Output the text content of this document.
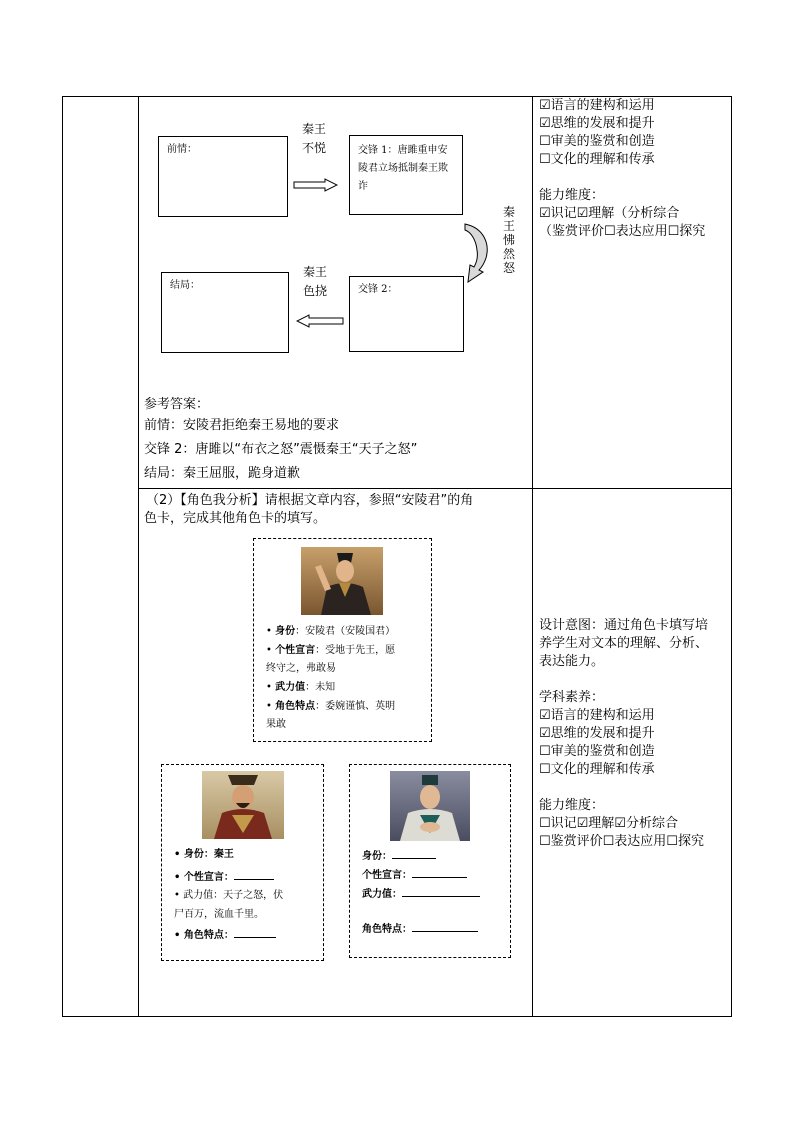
前情：	交锋 1：唐雎重申安陵君立场抵制秦王欺诈
结局：	交锋 2：
秦王
不悦
秦王
色挠
秦王怫然怒
参考答案：
前情：安陵君拒绝秦王易地的要求
交锋 2：唐雎以“布衣之怒”震慑秦王“天子之怒”
结局：秦王屈服，跪身道歉
☑语言的建构和运用
☑思维的发展和提升
☐审美的鉴赏和创造
☐文化的理解和传承
能力维度：
☑识记☑理解（分析综合
（鉴赏评价☐表达应用☐探究
（2）【角色我分析】请根据文章内容，参照“安陵君”的角
色卡，完成其他角色卡的填写。
• 身份：安陵君（安陵国君）
• 个性宣言：受地于先王，愿
终守之，弗敢易
• 武力值：未知
• 角色特点：委婉谨慎、英明
果敢
• 身份：秦王
• 个性宣言：
• 武力值：天子之怒，伏
尸百万，流血千里。
• 角色特点：
身份：
个性宣言：
武力值：
角色特点：
设计意图：通过角色卡填写培
养学生对文本的理解、分析、
表达能力。
学科素养：
☑语言的建构和运用
☑思维的发展和提升
☐审美的鉴赏和创造
☐文化的理解和传承
能力维度：
☐识记☑理解☑分析综合
☐鉴赏评价☐表达应用☐探究
